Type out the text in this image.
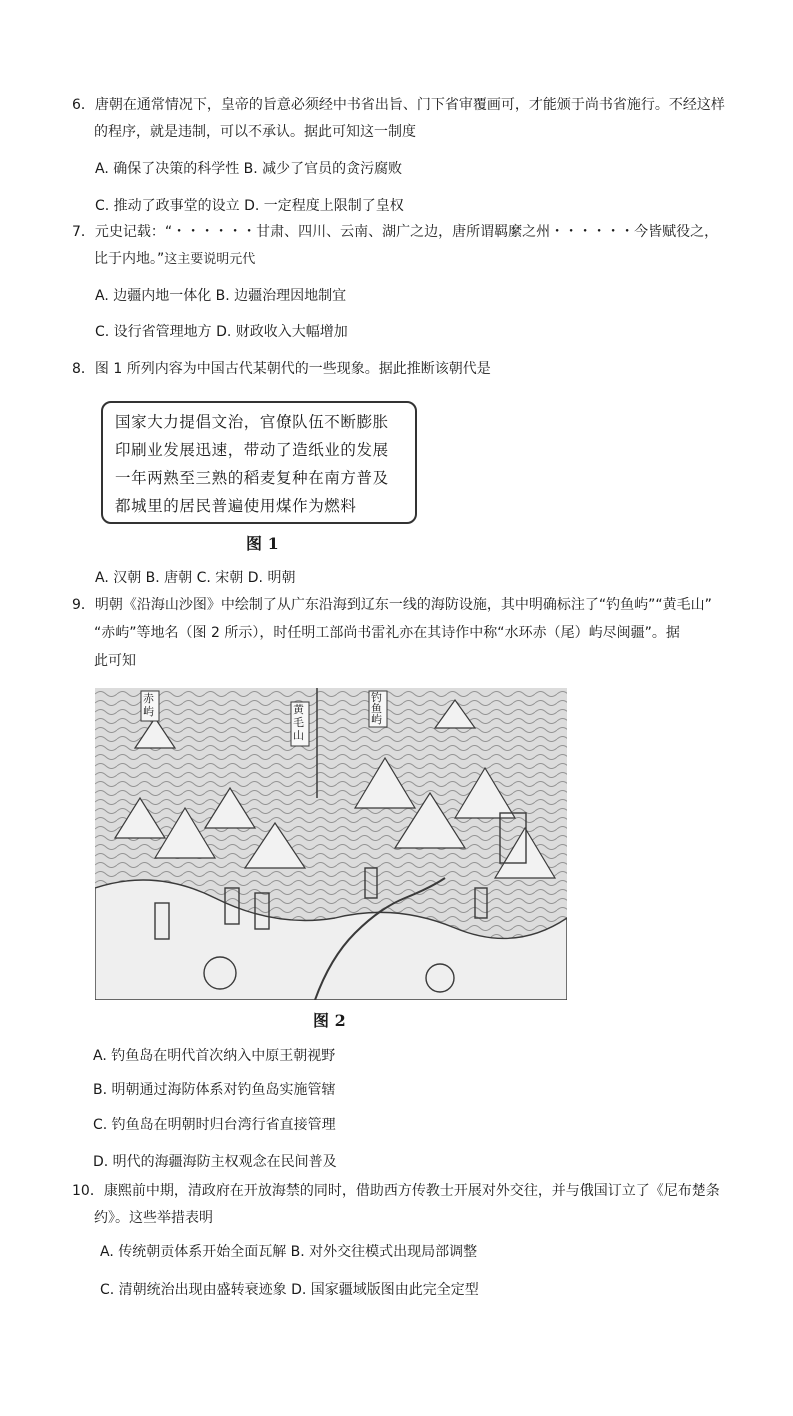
6．唐朝在通常情况下，皇帝的旨意必须经中书省出旨、门下省审覆画可，才能颁于尚书省施行。不经这样
的程序，就是违制，可以不承认。据此可知这一制度
A. 确保了决策的科学性 B. 减少了官员的贪污腐败
C. 推动了政事堂的设立 D. 一定程度上限制了皇权
7．元史记载：“・・・・・・甘肃、四川、云南、湖广之边，唐所谓羁縻之州・・・・・・今皆赋役之，
比于内地。”这主要说明元代
A. 边疆内地一体化 B. 边疆治理因地制宜
C. 设行省管理地方 D. 财政收入大幅增加
8．图 1 所列内容为中国古代某朝代的一些现象。据此推断该朝代是
国家大力提倡文治，官僚队伍不断膨胀
印刷业发展迅速，带动了造纸业的发展
一年两熟至三熟的稻麦复种在南方普及
都城里的居民普遍使用煤作为燃料
图 1
A. 汉朝 B. 唐朝 C. 宋朝 D. 明朝
9．明朝《沿海山沙图》中绘制了从广东沿海到辽东一线的海防设施，其中明确标注了“钓鱼屿”“黄毛山”
“赤屿”等地名（图 2 所示），时任明工部尚书雷礼亦在其诗作中称“水环赤（尾）屿尽闽疆”。据
此可知
赤屿	黄毛山
钓鱼屿
图 2
A. 钓鱼岛在明代首次纳入中原王朝视野
B. 明朝通过海防体系对钓鱼岛实施管辖
C. 钓鱼岛在明朝时归台湾行省直接管理
D. 明代的海疆海防主权观念在民间普及
10．康熙前中期，清政府在开放海禁的同时，借助西方传教士开展对外交往，并与俄国订立了《尼布楚条
约》。这些举措表明
A. 传统朝贡体系开始全面瓦解 B. 对外交往模式出现局部调整
C. 清朝统治出现由盛转衰迹象 D. 国家疆域版图由此完全定型
